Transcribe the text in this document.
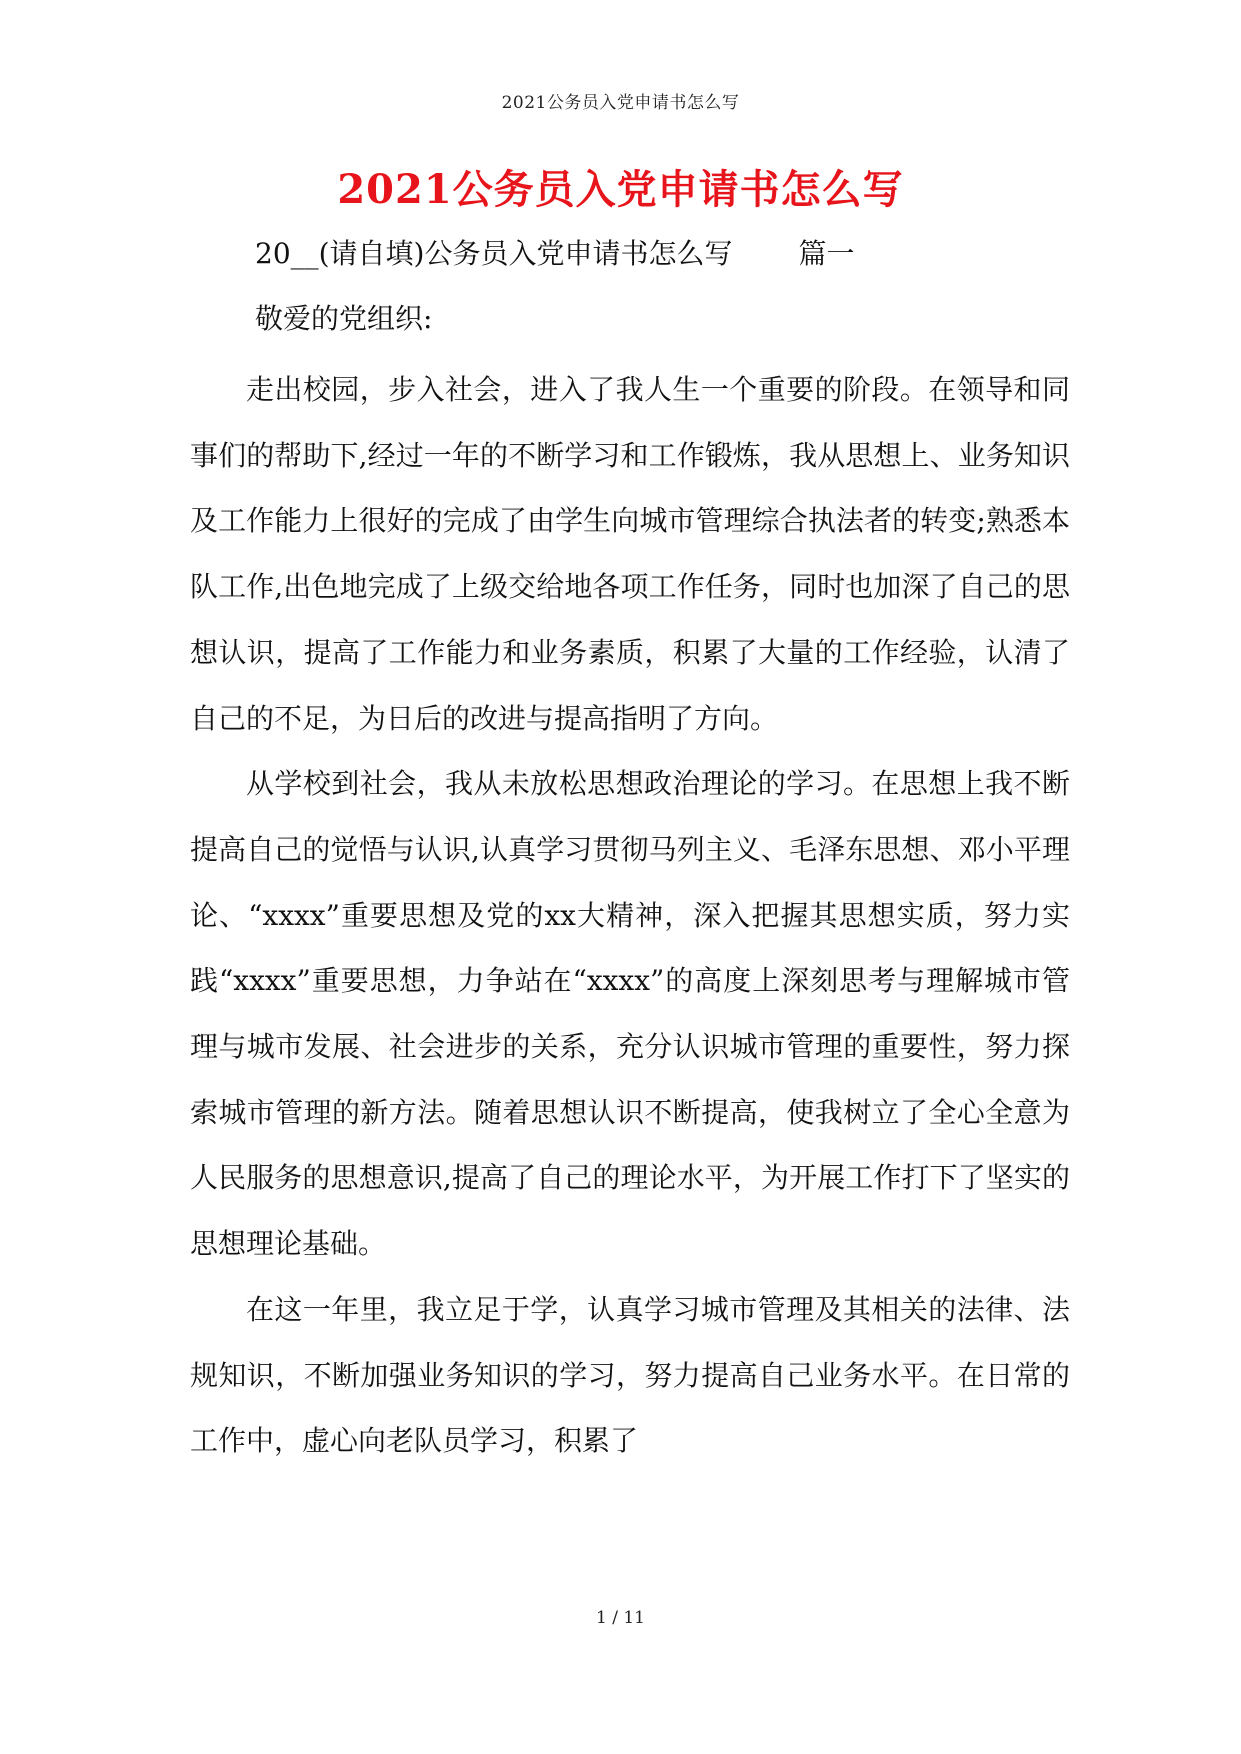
2021公务员入党申请书怎么写
2021公务员入党申请书怎么写
20__(请自填)公务员入党申请书怎么写 篇一
敬爱的党组织:

走出校园，步入社会，进入了我人生一个重要的阶段。在领导和同事们的帮助下,经过一年的不断学习和工作锻炼，我从思想上、业务知识及工作能力上很好的完成了由学生向城市管理综合执法者的转变;熟悉本队工作,出色地完成了上级交给地各项工作任务，同时也加深了自己的思想认识，提高了工作能力和业务素质，积累了大量的工作经验，认清了自己的不足，为日后的改进与提高指明了方向。

从学校到社会，我从未放松思想政治理论的学习。在思想上我不断提高自己的觉悟与认识,认真学习贯彻马列主义、毛泽东思想、邓小平理论、“xxxx”重要思想及党的xx大精神，深入把握其思想实质，努力实践“xxxx”重要思想，力争站在“xxxx”的高度上深刻思考与理解城市管理与城市发展、社会进步的关系，充分认识城市管理的重要性，努力探索城市管理的新方法。随着思想认识不断提高，使我树立了全心全意为人民服务的思想意识,提高了自己的理论水平，为开展工作打下了坚实的思想理论基础。

在这一年里，我立足于学，认真学习城市管理及其相关的法律、法规知识，不断加强业务知识的学习，努力提高自己业务水平。在日常的工作中，虚心向老队员学习，积累了

1 / 11
